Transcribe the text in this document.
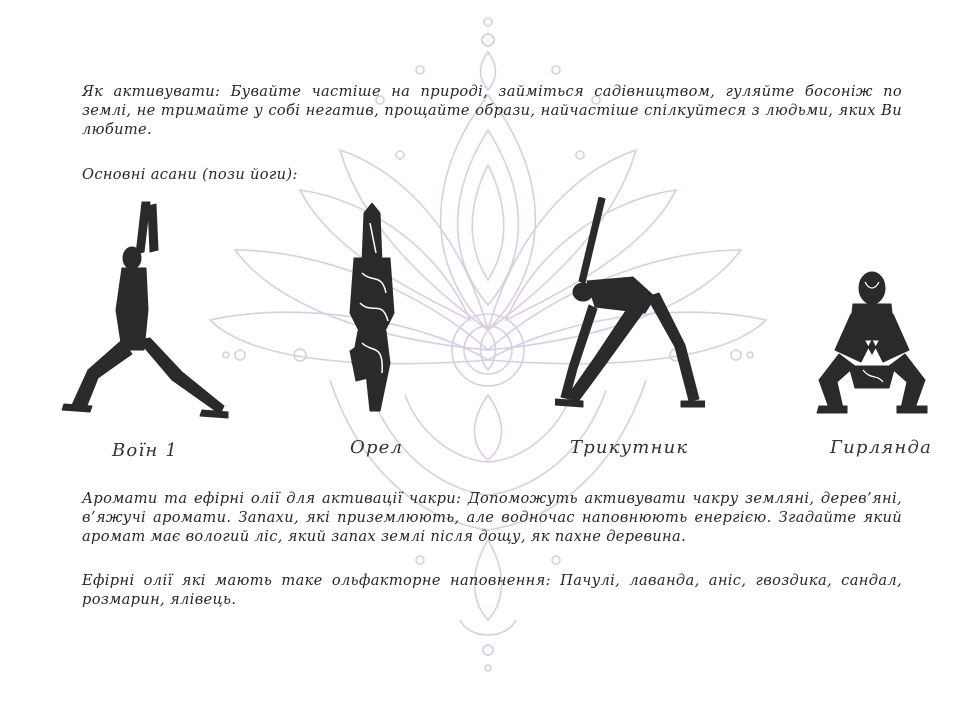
Як активувати: Бувайте частіше на природі, займіться садівництвом, гуляйте босоніж по землі, не тримайте у собі негатив, прощайте образи, найчастіше спілкуйтеся з людьми, яких Ви любите.
Основні асани (пози йоги):
Воїн 1	Орел	Трикутник	Гирлянда
Аромати та ефірні олії для активації чакри: Допоможуть активувати чакру земляні, дерев’яні, в’яжучі аромати. Запахи, які приземлюють, але водночас наповнюють енергією. Згадайте який аромат має вологий ліс, який запах землі після дощу, як пахне деревина.
Ефірні олії які мають таке ольфакторне наповнення: Пачулі, лаванда, аніс, гвоздика, сандал, розмарин, ялівець.
